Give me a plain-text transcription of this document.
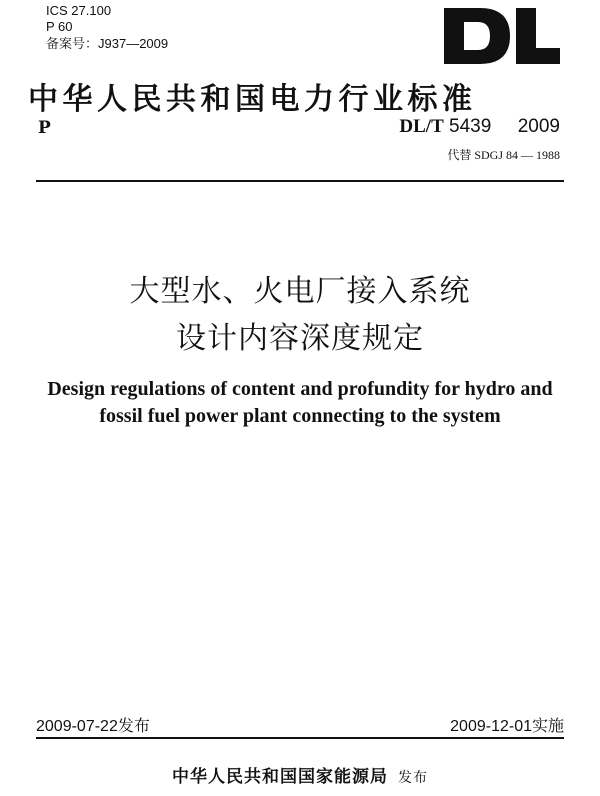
ICS 27.100
P 60
备案号：J937—2009
中华人民共和国电力行业标准
P	DL/T 5439 2009
代替 SDGJ 84 — 1988
大型水、火电厂接入系统
设计内容深度规定
Design regulations of content and profundity for hydro and
fossil fuel power plant connecting to the system
2009-07-22发布	2009-12-01实施
中华人民共和国国家能源局 发布
